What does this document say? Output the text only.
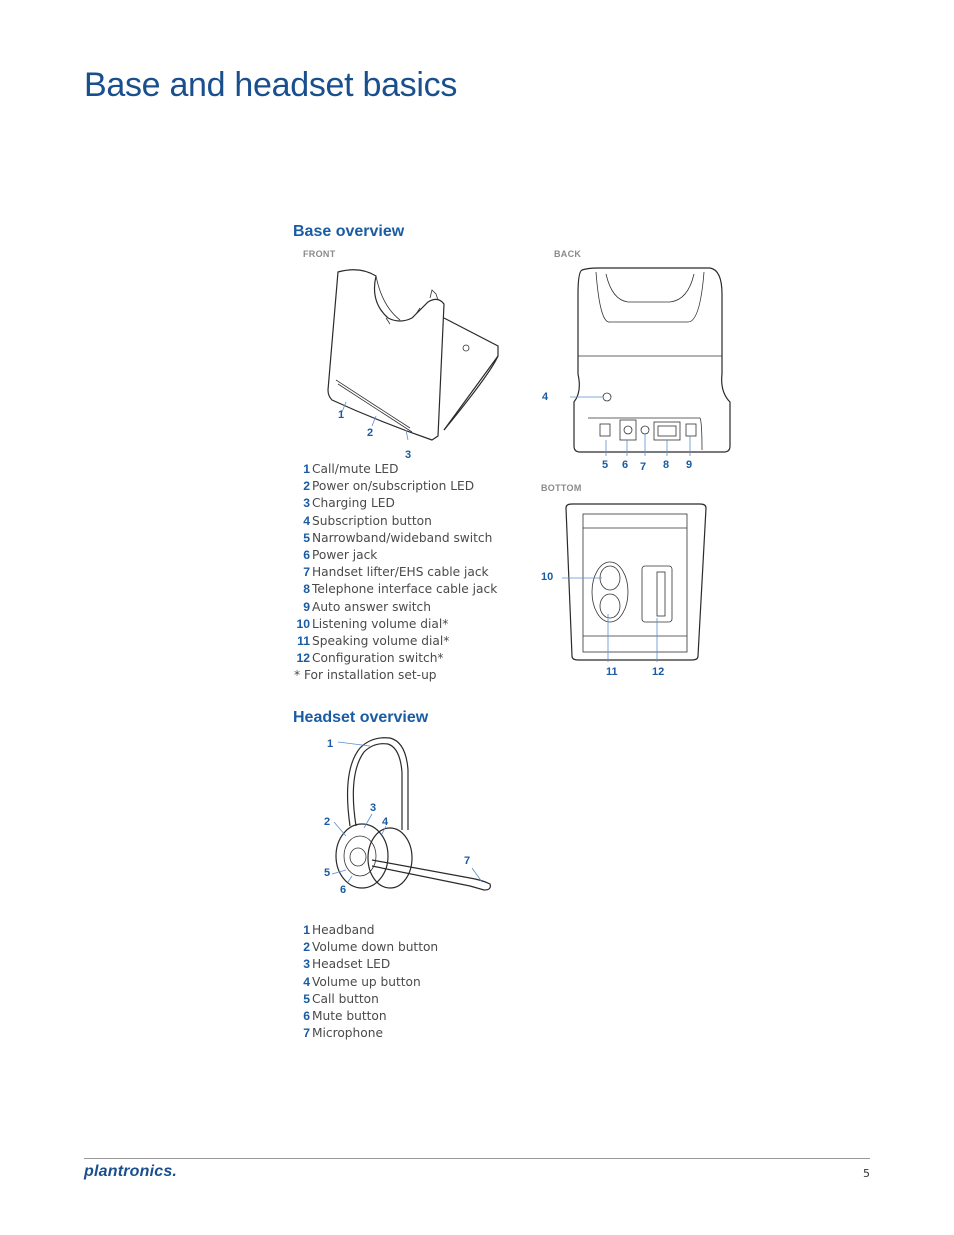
Base and headset basics
Base overview
FRONT	BACK
BOTTOM
1
2
3
4
5 6 7 8 9
10
11	12
1 Call/mute LED
2 Power on/subscription LED
3 Charging LED
4 Subscription button
5 Narrowband/wideband switch
6 Power jack
7 Handset lifter/EHS cable jack
8 Telephone interface cable jack
9 Auto answer switch
10 Listening volume dial*
11 Speaking volume dial*
12 Configuration switch*
* For installation set-up
Headset overview
1
2
3
4
5
6
7
1 Headband
2 Volume down button
3 Headset LED
4 Volume up button
5 Call button
6 Mute button
7 Microphone
plantronics.	5
